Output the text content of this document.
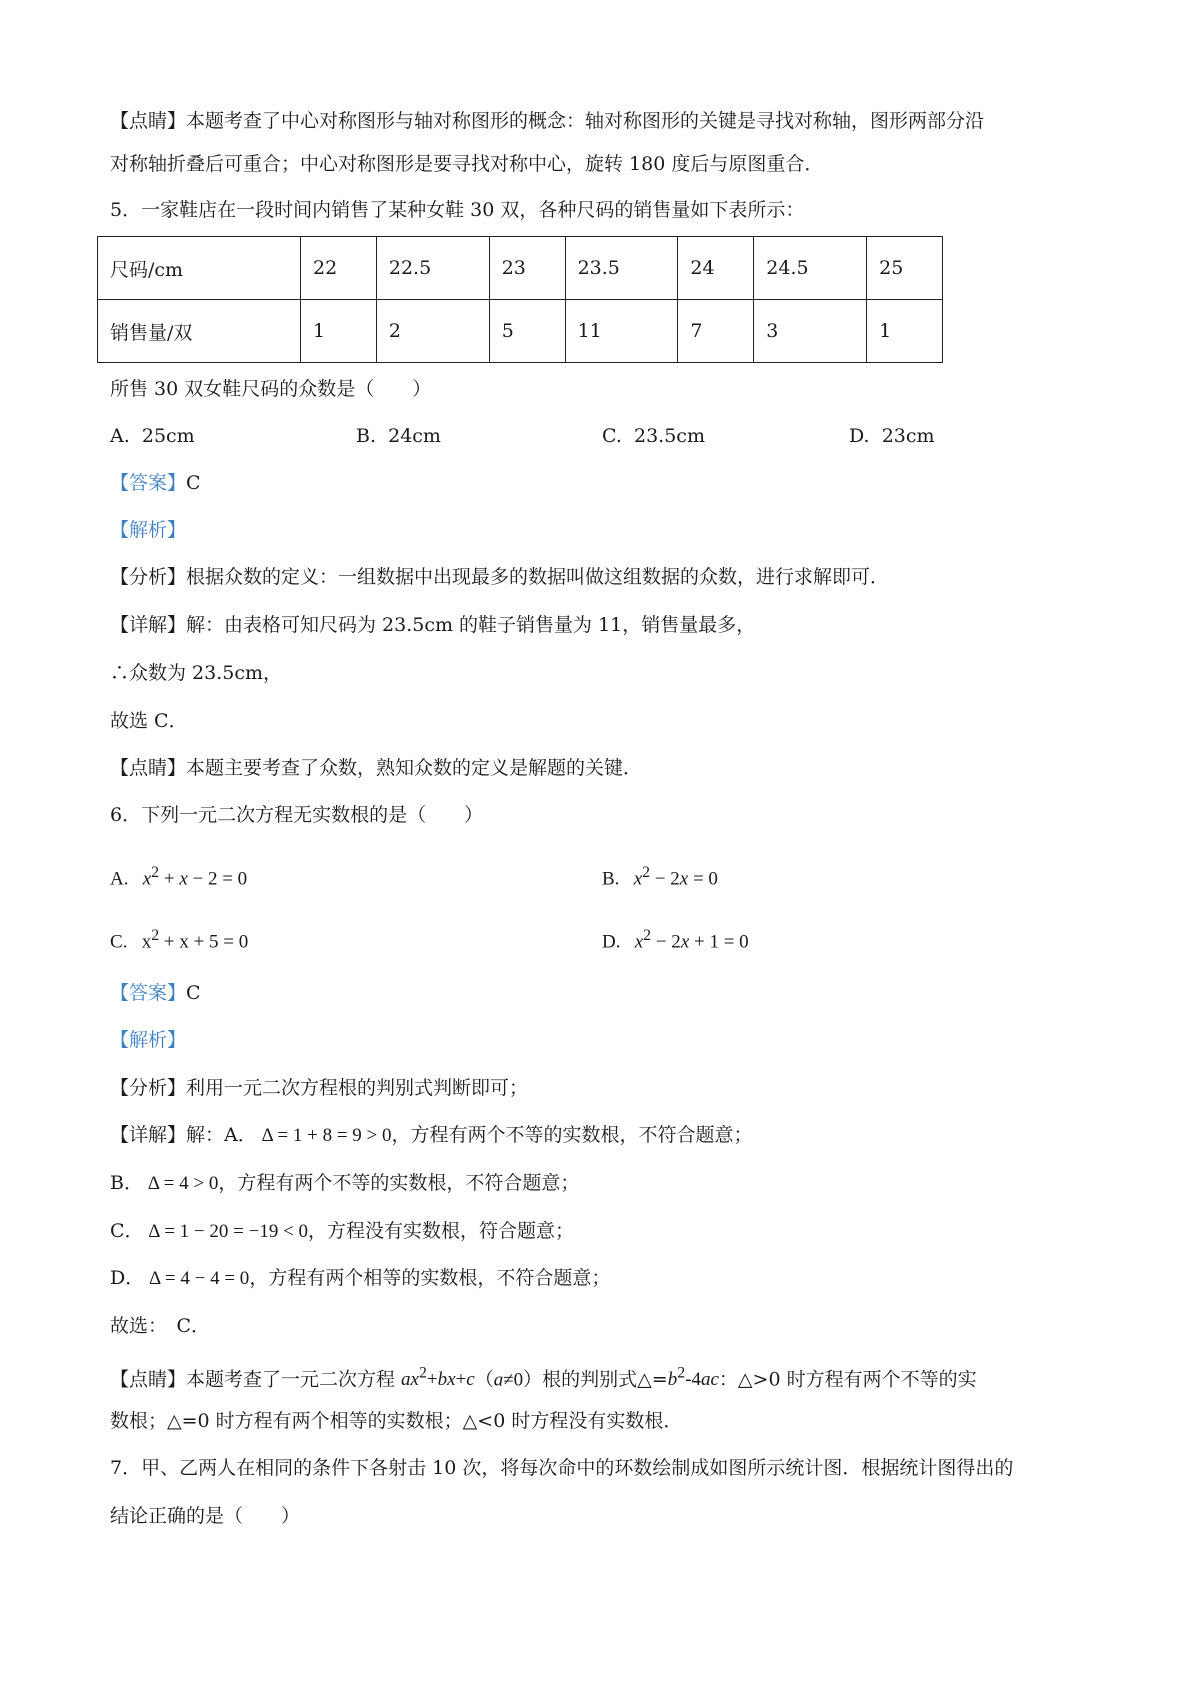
【点睛】本题考查了中心对称图形与轴对称图形的概念：轴对称图形的关键是寻找对称轴，图形两部分沿
对称轴折叠后可重合；中心对称图形是要寻找对称中心，旋转 180 度后与原图重合．
5．一家鞋店在一段时间内销售了某种女鞋 30 双，各种尺码的销售量如下表所示：
尺码/cm	22	22.5	23	23.5	24	24.5	25
销售量/双	1	2	5	11	7	3	1
所售 30 双女鞋尺码的众数是（　　）
A. 25cm	B. 24cm	C. 23.5cm	D. 23cm
【答案】C
【解析】
【分析】根据众数的定义：一组数据中出现最多的数据叫做这组数据的众数，进行求解即可．
【详解】解：由表格可知尺码为 23.5cm 的鞋子销售量为 11，销售量最多，
∴众数为 23.5cm，
故选 C．
【点睛】本题主要考查了众数，熟知众数的定义是解题的关键．
6．下列一元二次方程无实数根的是（　　）
A. $x^2 + x - 2 = 0$	B. $x^2 - 2x = 0$
C.   $x^2 + x + 5 = 0$	D. $x^2 - 2x + 1 = 0$
【答案】C
【解析】
【分析】利用一元二次方程根的判别式判断即可；
【详解】解：A． Δ = 1 + 8 = 9 > 0，方程有两个不等的实数根，不符合题意；
B． Δ = 4 > 0，方程有两个不等的实数根，不符合题意；
C． Δ = 1 − 20 = −19 < 0，方程没有实数根，符合题意；
D． Δ = 4 − 4 = 0，方程有两个相等的实数根，不符合题意；
故选：　C．
【点睛】本题考查了一元二次方程 $ax^2+bx+c(a\ne 0)$根的判别式$\triangle=b^2-4ac$：△>0 时方程有两个不等的实
数根；△=0 时方程有两个相等的实数根；△<0 时方程没有实数根．
7．甲、乙两人在相同的条件下各射击 10 次，将每次命中的环数绘制成如图所示统计图．根据统计图得出的
结论正确的是（　　）
